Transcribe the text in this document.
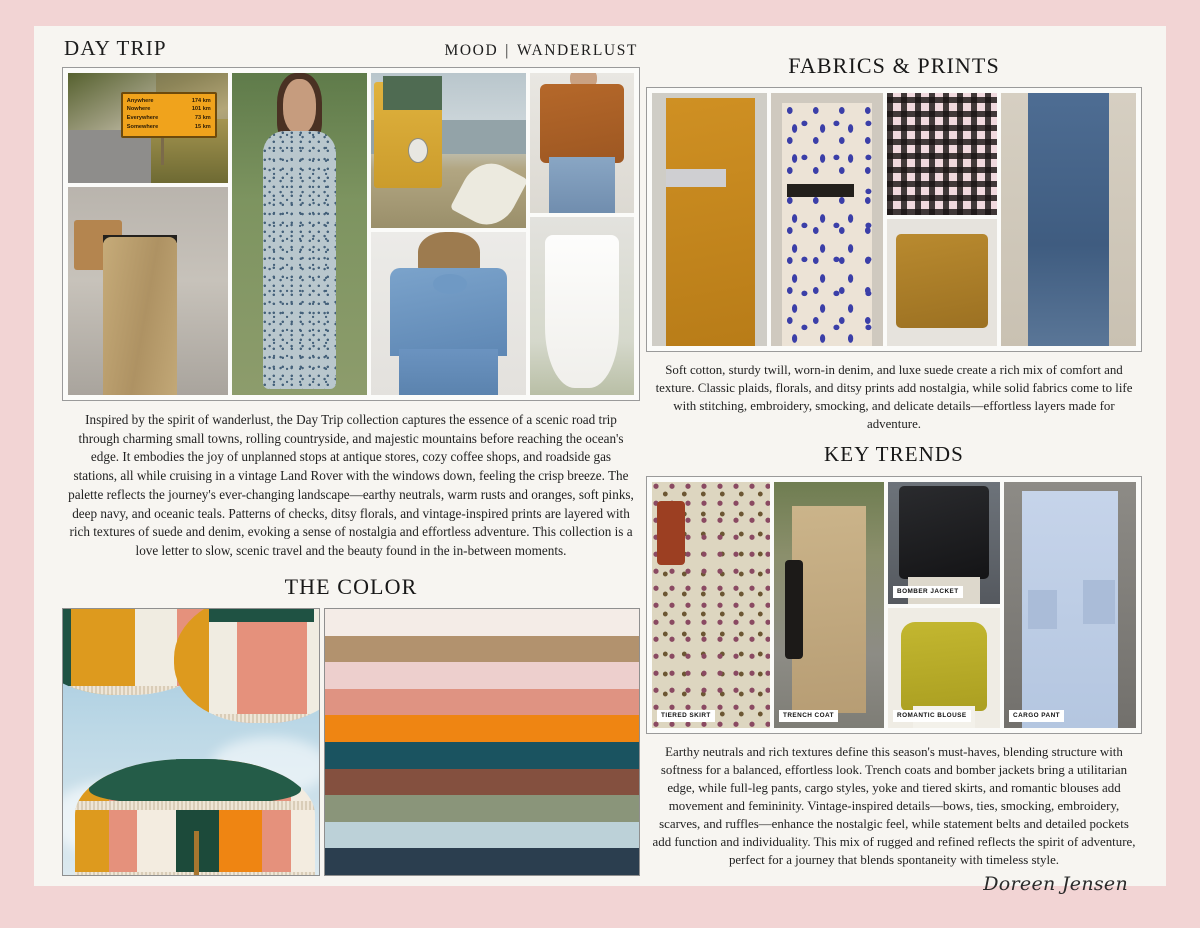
DAY TRIP	MOOD | WANDERLUST
Anywhere	174 km
Nowhere	101 km
Everywhere	73 km
Somewhere	15 km
Inspired by the spirit of wanderlust, the Day Trip collection captures the essence of a scenic road trip through charming small towns, rolling countryside, and majestic mountains before reaching the ocean's edge. It embodies the joy of unplanned stops at antique stores, cozy coffee shops, and roadside gas stations, all while cruising in a vintage Land Rover with the windows down, feeling the crisp breeze. The palette reflects the journey's ever-changing landscape—earthy neutrals, warm rusts and oranges, soft pinks, deep navy, and oceanic teals. Patterns of checks, ditsy florals, and vintage-inspired prints are layered with rich textures of suede and denim, evoking a sense of nostalgia and effortless adventure. This collection is a love letter to slow, scenic travel and the beauty found in the in-between moments.
THE COLOR
FABRICS & PRINTS
Soft cotton, sturdy twill, worn-in denim, and luxe suede create a rich mix of comfort and texture. Classic plaids, florals, and ditsy prints add nostalgia, while solid fabrics come to life with stitching, embroidery, smocking, and delicate details—effortless layers made for adventure.
KEY TRENDS
TIERED SKIRT	TRENCH COAT
BOMBER JACKET
ROMANTIC BLOUSE	CARGO PANT
Earthy neutrals and rich textures define this season's must-haves, blending structure with softness for a balanced, effortless look. Trench coats and bomber jackets bring a utilitarian edge, while full-leg pants, cargo styles, yoke and tiered skirts, and romantic blouses add movement and femininity. Vintage-inspired details—bows, ties, smocking, embroidery, scarves, and ruffles—enhance the nostalgic feel, while statement belts and detailed pockets add function and individuality. This mix of rugged and refined reflects the spirit of adventure, perfect for a journey that blends spontaneity with timeless style.
Doreen Jensen
